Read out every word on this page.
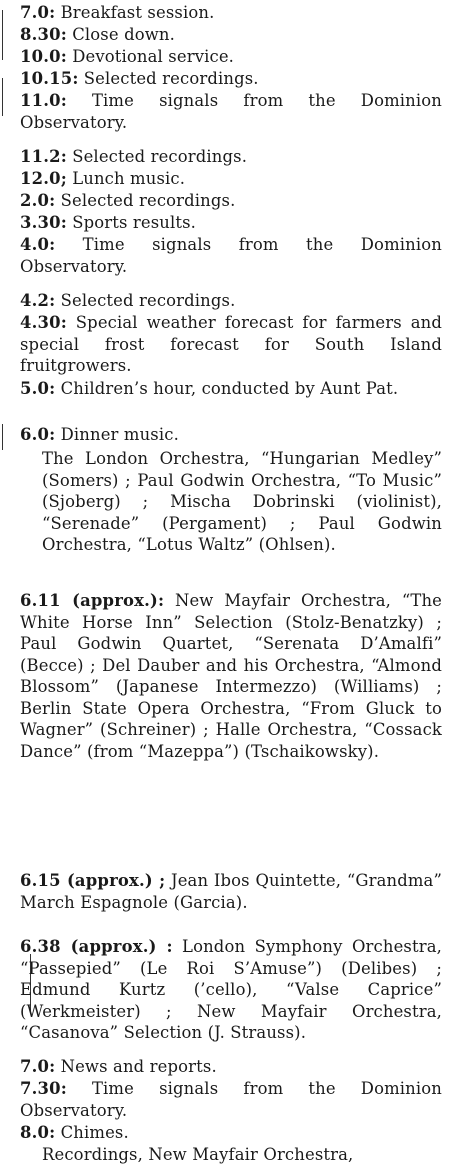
7.0: Breakfast session.
8.30: Close down.
10.0: Devotional service.
10.15: Selected recordings.
11.0: Time signals from the Dominion Observatory.
11.2: Selected recordings.
12.0; Lunch music.
2.0: Selected recordings.
3.30: Sports results.
4.0: Time signals from the Dominion Observatory.
4.2: Selected recordings.
4.30: Special weather forecast for farmers and special frost forecast for South Island fruitgrowers.
5.0: Children’s hour, conducted by Aunt Pat.
6.0: Dinner music.
The London Orchestra, “Hungarian Medley” (Somers) ; Paul Godwin Orchestra, “To Music” (Sjoberg) ; Mischa Dobrinski (violinist), “Serenade” (Pergament) ; Paul Godwin Orchestra, “Lotus Waltz” (Ohlsen).
6.11 (approx.): New Mayfair Orchestra, “The White Horse Inn” Selection (Stolz-Benatzky) ; Paul Godwin Quartet, “Serenata D’Amalfi” (Becce) ; Del Dauber and his Orchestra, “Almond Blossom” (Japanese Intermezzo) (Williams) ; Berlin State Opera Orchestra, “From Gluck to Wagner” (Schreiner) ; Halle Orchestra, “Cossack Dance” (from “Mazeppa”) (Tschaikowsky).
6.15 (approx.) ; Jean Ibos Quintette, “Grandma” March Espagnole (Garcia).
6.38 (approx.) : London Symphony Orchestra, “Passepied” (Le Roi S’Amuse”) (Delibes) ; Edmund Kurtz (’cello), “Valse Caprice” (Werkmeister) ; New Mayfair Orchestra, “Casanova” Selection (J. Strauss).
7.0: News and reports.
7.30: Time signals from the Dominion Observatory.
8.0: Chimes.
Recordings, New Mayfair Orchestra,
